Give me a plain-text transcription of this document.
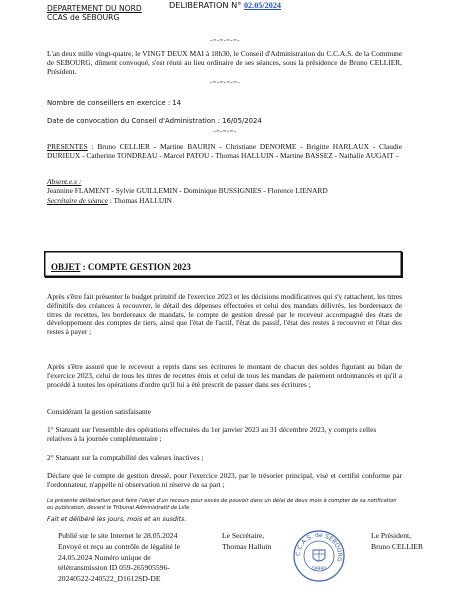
DEPARTEMENT DU NORD
CCAS de SEBOURG
DELIBERATION N° 02.05/2024
-=-=-=-=-
L'an deux mille vingt-quatre, le VINGT DEUX MAI à 18h30, le Conseil d'Administration du C.C.A.S. de la Commune de SEBOURG, dûment convoqué, s'est réuni au lieu ordinaire de ses séances, sous la présidence de Bruno CELLIER, Président.
-=-=-=-=-
Nombre de conseillers en exercice : 14
Date de convocation du Conseil d'Administration : 16/05/2024
-=-=-=-
PRESENTES : Bruno CELLIER - Martine BAURIN - Christiane DENORME - Brigitte HARLAUX - Claudie DURIEUX - Catherine TONDREAU - Marcel PATOU - Thomas HALLUIN - Martine BASSEZ - Nathalie AUGAIT –
Absent.e.s :
Jeannine FLAMENT - Sylvie GUILLEMIN - Dominique BUSSIGNIES - Florence LIENARD
Secrétaire de séance : Thomas HALLUIN
OBJET : COMPTE GESTION 2023
Après s'être fait présenter le budget primitif de l'exercice 2023 et les décisions modificatives qui s'y rattachent, les titres définitifs des créances à recouvrer, le détail des dépenses effectuées et celui des mandats délivrés, les bordereaux de titres de recettes, les bordereaux de mandats, le compte de gestion dressé par le receveur accompagné des états de développement des comptes de tiers, ainsi que l'état de l'actif, l'état du passif, l'état des restes à recouvrer et l'état des restes à payer ;
Après s'être assuré que le receveur a repris dans ses écritures le montant de chacun des soldes figurant au bilan de l'exercice 2023, celui de tous les titres de recettes émis et celui de tous les mandats de paiement ordonnancés et qu'il a procédé à toutes les opérations d'ordre qu'il lui a été prescrit de passer dans ses écritures ;
Considérant la gestion satisfaisante
1° Statuant sur l'ensemble des opérations effectuées du 1er janvier 2023 au 31 décembre 2023, y compris celles relatives à la journée complémentaire ;
2° Statuant sur la comptabilité des valeurs inactives ;
Déclare que le compte de gestion dressé, pour l'exercice 2023, par le trésorier principal, visé et certifié conforme par l'ordonnateur, n'appelle ni observation ni réserve de sa part ;
La présente délibération peut faire l'objet d'un recours pour excès de pouvoir dans un délai de deux mois à compter de sa notification ou publication, devant le Tribunal Administratif de Lille.
Fait et délibéré les jours, mois et an susdits.
Publié sur le site Internet le 28.05.2024
Envoyé et reçu au contrôle de légalité le
24.05.2024 Numéro unique de
télétransmission ID 059-265905596-
20240522-240522_D1612SD-DE
Le Secrétaire,
Thomas Halluin
C.C.A.S. de SEBOURG
59990
Le Président,
Bruno CELLIER
